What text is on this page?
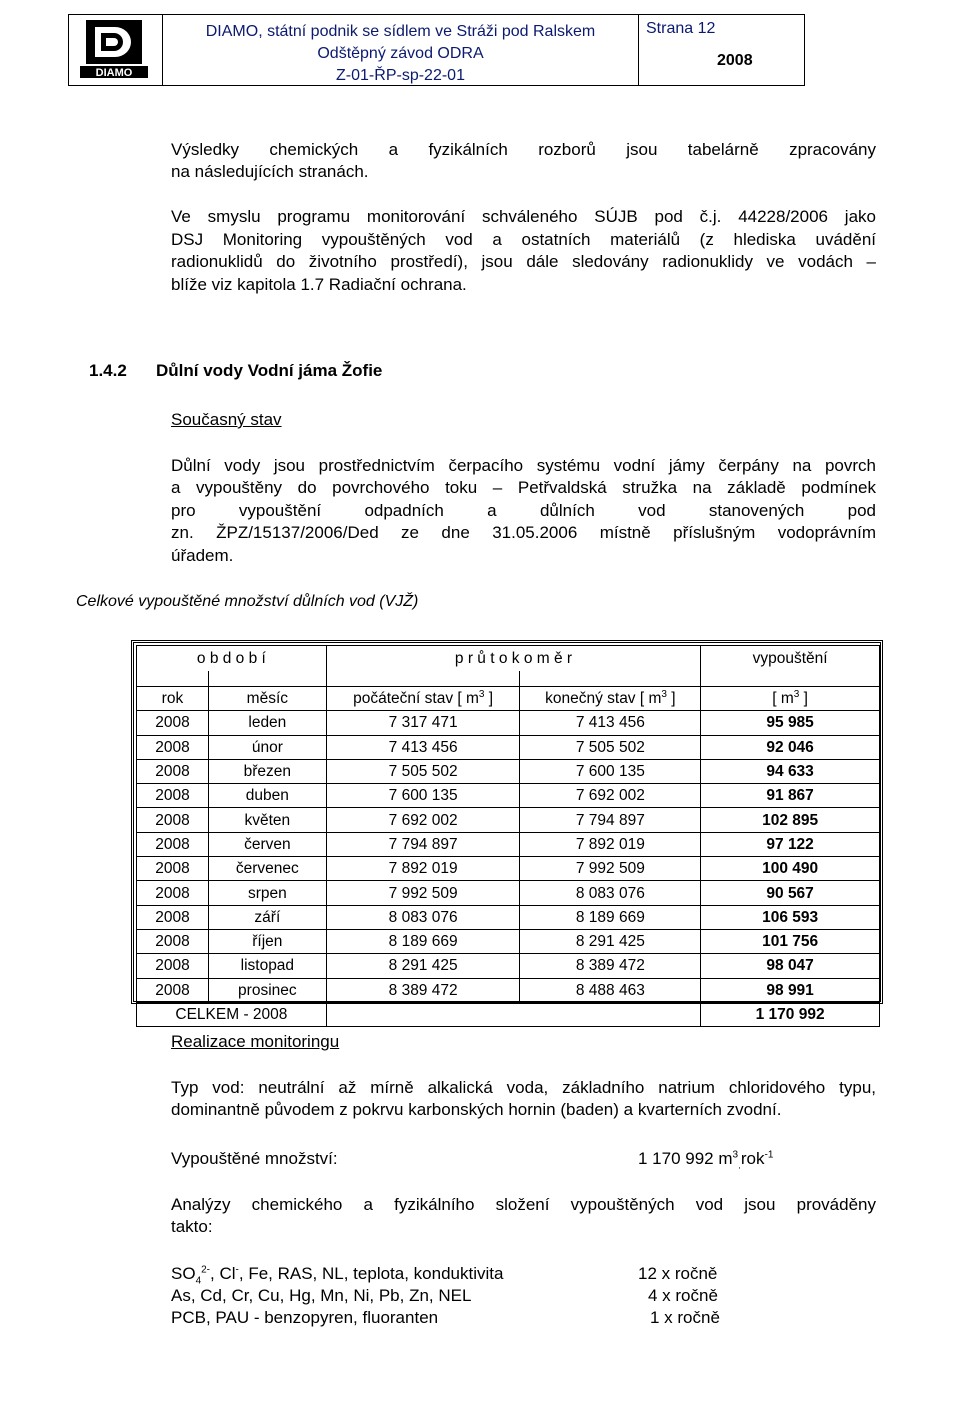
DIAMO
DIAMO, státní podnik se sídlem ve Stráži pod Ralskem
Odštěpný závod ODRA
Z-01-ŘP-sp-22-01
Strana 12
2008
Výsledky chemických a fyzikálních rozborů jsou tabelárně zpracovány
na následujících stranách.
Ve smyslu programu monitorování schváleného SÚJB pod č.j. 44228/2006 jako
DSJ Monitoring vypouštěných vod a ostatních materiálů (z hlediska uvádění
radionuklidů do životního prostředí), jsou dále sledovány radionuklidy ve vodách –
blíže viz kapitola 1.7 Radiační ochrana.
1.4.2 Důlní vody Vodní jáma Žofie
Současný stav
Důlní vody jsou prostřednictvím čerpacího systému vodní jámy čerpány na povrch
a vypouštěny do povrchového toku – Petřvaldská stružka na základě podmínek
pro vypouštění odpadních a důlních vod stanovených pod
zn. ŽPZ/15137/2006/Ded ze dne 31.05.2006 místně příslušným vodoprávním
úřadem.
Celkové vypouštěné množství důlních vod (VJŽ)
o b d o b í		p r ů t o k o m ě r		vypouštění

rok	měsíc	počáteční stav [ $m^3$ ]	konečný stav [ $m^3$ ]	[ $m^3$ ]
2008	leden	7 317 471	7 413 456	95 985
2008	únor	7 413 456	7 505 502	92 046
2008	březen	7 505 502	7 600 135	94 633
2008	duben	7 600 135	7 692 002	91 867
2008	květen	7 692 002	7 794 897	102 895
2008	červen	7 794 897	7 892 019	97 122
2008	červenec	7 892 019	7 992 509	100 490
2008	srpen	7 992 509	8 083 076	90 567
2008	září	8 083 076	8 189 669	106 593
2008	říjen	8 189 669	8 291 425	101 756
2008	listopad	8 291 425	8 389 472	98 047
2008	prosinec	8 389 472	8 488 463	98 991
CELKEM - 2008				1 170 992
Realizace monitoringu
Typ vod: neutrální až mírně alkalická voda, základního natrium chloridového typu,
dominantně původem z pokrvu karbonských hornin (baden) a kvarterních zvodní.
Vypouštěné množství:	1 170 992 $m^3_.rok^{-1}$
Analýzy chemického a fyzikálního složení vypouštěných vod jsou prováděny
takto:
$SO_4^{2-}$, Cl-, Fe, RAS, NL, teplota, konduktivita	12 x ročně
As, Cd, Cr, Cu, Hg, Mn, Ni, Pb, Zn, NEL	4 x ročně
PCB, PAU - benzopyren, fluoranten	1 x ročně
